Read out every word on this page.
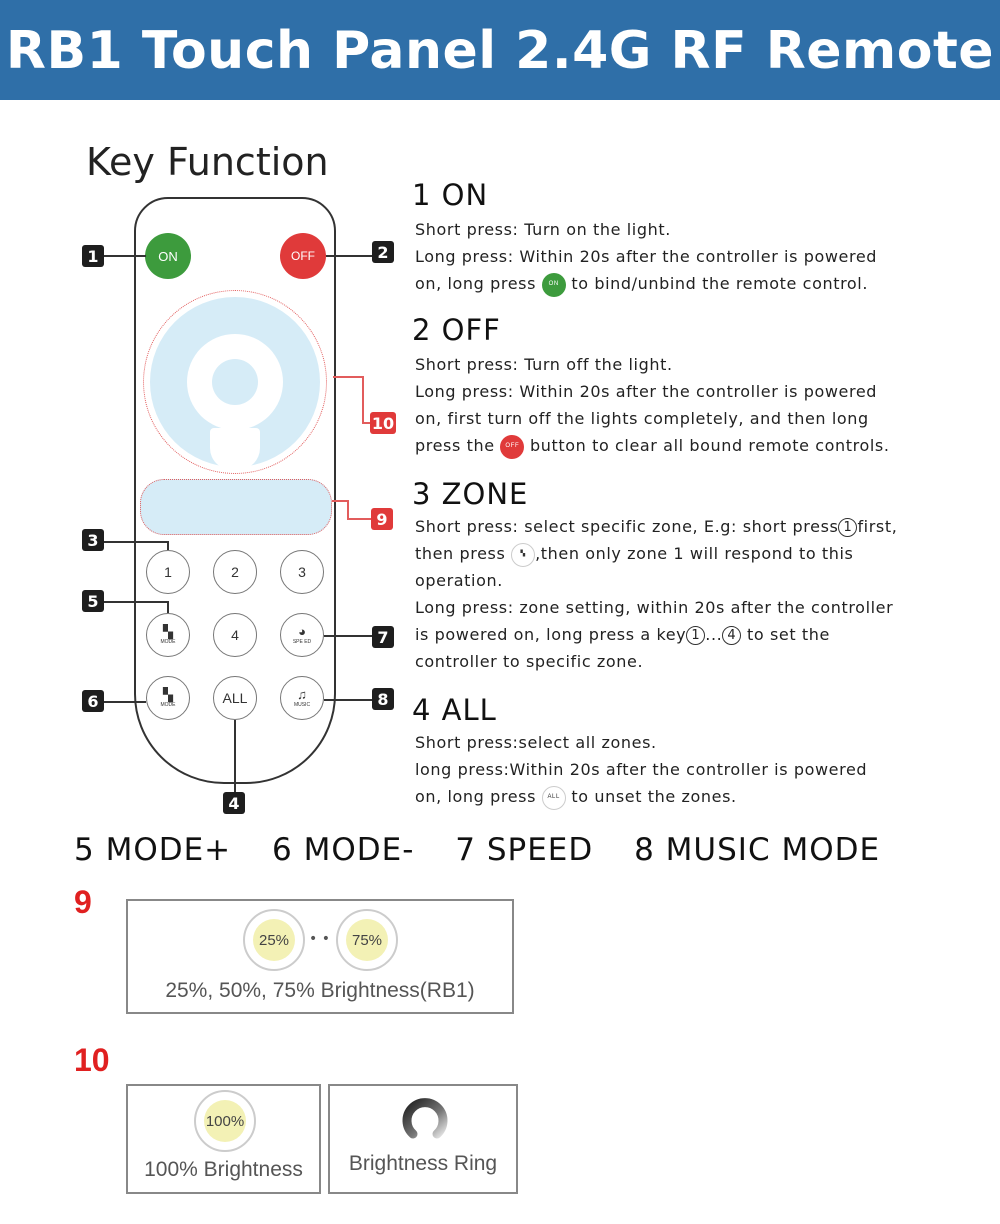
RB1 Touch Panel 2.4G RF Remote
Key Function
ON	OFF
1	2	3
▚
MODE	4	◕
SPE ED
▚
MODE	ALL	♫
MUSIC
1	2
3
4
5
6
7
8
9
10
1 ON
Short press: Turn on the light.
Long press: Within 20s after the controller is powered
on, long press ON to bind/unbind the remote control.
2 OFF
Short press: Turn off the light.
Long press: Within 20s after the controller is powered
on, first turn off the lights completely, and then long
press the OFF button to clear all bound remote controls.
3 ZONE
Short press: select specific zone, E.g: short press 1 first,
then press ▚ ,then only zone 1 will respond to this
operation.
Long press: zone setting, within 20s after the controller
is powered on, long press a key 1 ... 4 to set the
controller to specific zone.
4 ALL
Short press:select all zones.
long press:Within 20s after the controller is powered
on, long press ALL to unset the zones.
5 MODE+ 6 MODE- 7 SPEED 8 MUSIC MODE
9
25% • • 75%
25%, 50%, 75% Brightness(RB1)
10
100%
100% Brightness	Brightness Ring
